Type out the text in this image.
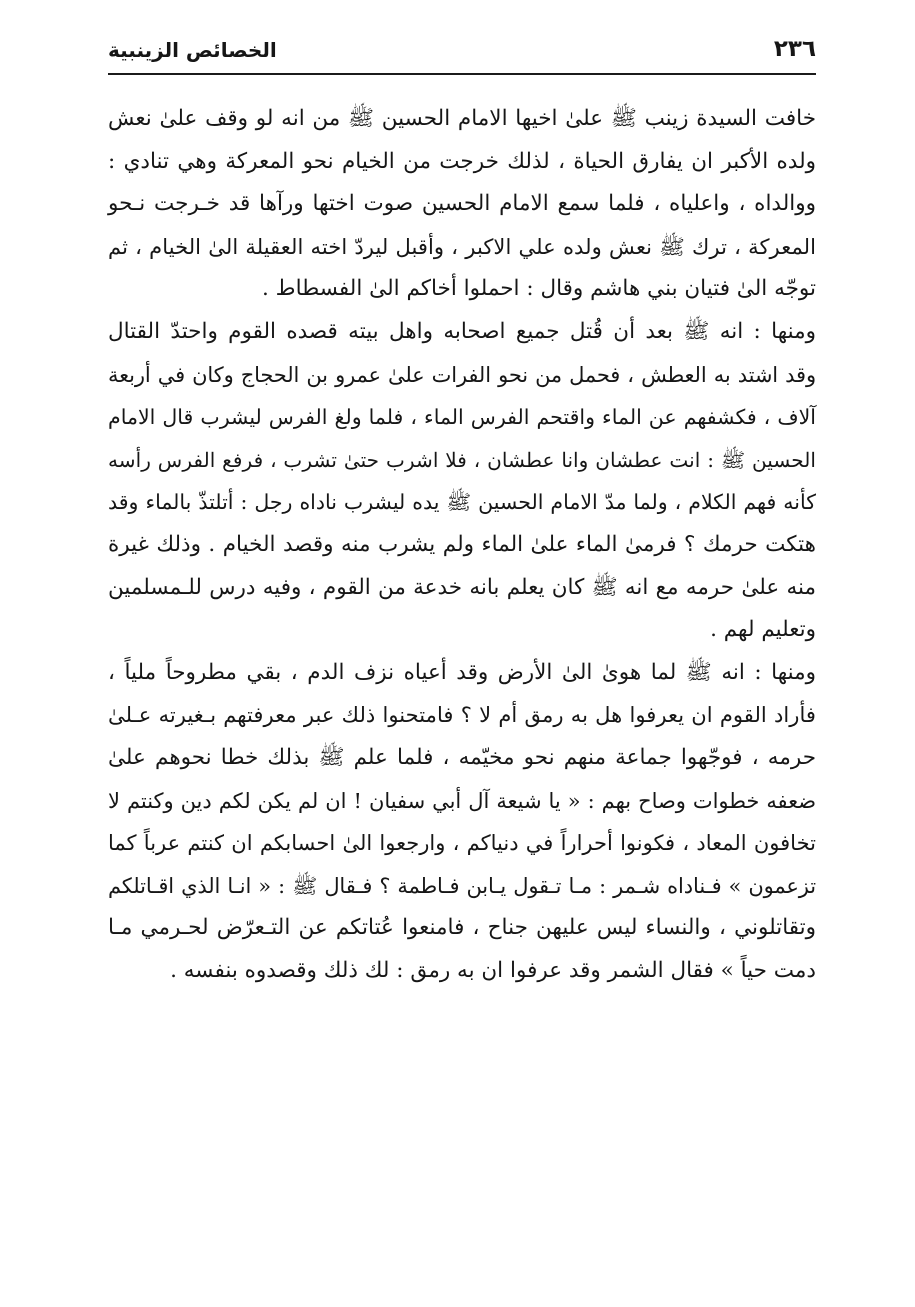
٢٣٦
الخصائص الزينبية
خافت السيدة زينب ﷺ علىٰ اخيها الامام الحسين ﷺ من انه لو وقف علىٰ نعش
ولده الأكبر ان يفارق الحياة ، لذلك خرجت من الخيام نحو المعركة وهي تنادي :
ووالداه ، واعلياه ، فلما سمع الامام الحسين صوت اختها ورآها قد خـرجت نـحو
المعركة ، ترك ﷺ نعش ولده علي الاكبر ، وأقبل ليردّ اخته العقيلة الىٰ الخيام ، ثم
توجّه الىٰ فتيان بني هاشم وقال : احملوا أخاكم الىٰ الفسطاط .
ومنها : انه ﷺ بعد أن قُتل جميع اصحابه واهل بيته قصده القوم واحتدّ القتال
وقد اشتد به العطش ، فحمل من نحو الفرات علىٰ عمرو بن الحجاج وكان في أربعة
آلاف ، فكشفهم عن الماء واقتحم الفرس الماء ، فلما ولغ الفرس ليشرب قال الامام
الحسين ﷺ : انت عطشان وانا عطشان ، فلا اشرب حتىٰ تشرب ، فرفع الفرس رأسه
كأنه فهم الكلام ، ولما مدّ الامام الحسين ﷺ يده ليشرب ناداه رجل : أتلتذّ بالماء وقد
هتكت حرمك ؟ فرمىٰ الماء علىٰ الماء ولم يشرب منه وقصد الخيام . وذلك غيرة
منه علىٰ حرمه مع انه ﷺ كان يعلم بانه خدعة من القوم ، وفيه درس للـمسلمين
وتعليم لهم .
ومنها : انه ﷺ لما هوىٰ الىٰ الأرض وقد أعياه نزف الدم ، بقي مطروحاً ملياً ،
فأراد القوم ان يعرفوا هل به رمق أم لا ؟ فامتحنوا ذلك عبر معرفتهم بـغيرته عـلىٰ
حرمه ، فوجّهوا جماعة منهم نحو مخيّمه ، فلما علم ﷺ بذلك خطا نحوهم علىٰ
ضعفه خطوات وصاح بهم : « يا شيعة آل أبي سفيان ! ان لم يكن لكم دين وكنتم لا
تخافون المعاد ، فكونوا أحراراً في دنياكم ، وارجعوا الىٰ احسابكم ان كنتم عرباً كما
تزعمون » فـناداه شـمر : مـا تـقول يـابن فـاطمة ؟ فـقال ﷺ : « انـا الذي اقـاتلكم
وتقاتلوني ، والنساء ليس عليهن جناح ، فامنعوا عُتاتكم عن التـعرّض لحـرمي مـا
دمت حياً » فقال الشمر وقد عرفوا ان به رمق : لك ذلك وقصدوه بنفسه .
